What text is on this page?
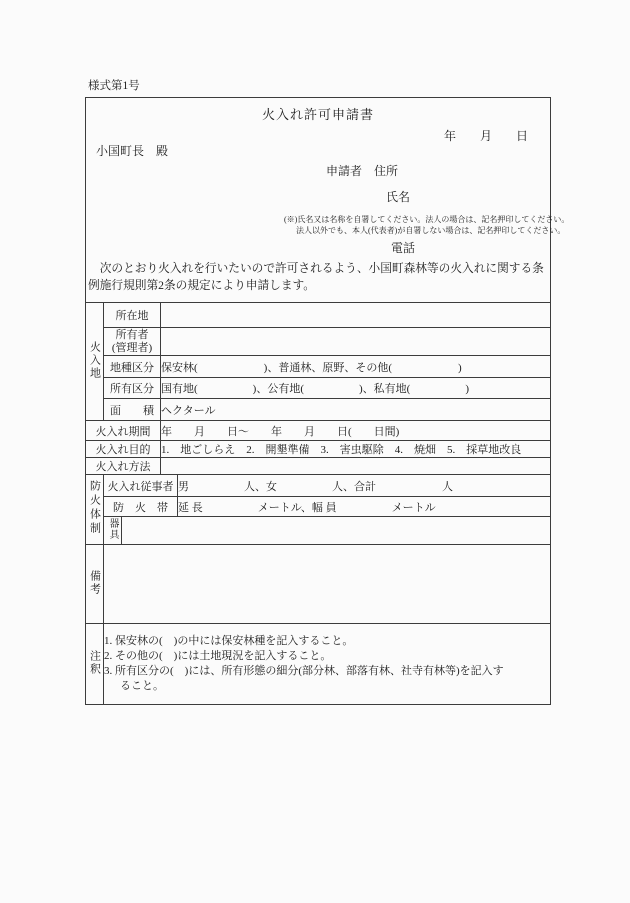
様式第1号
火入れ許可申請書
年　　月　　日
小国町長　殿
申請者　住所
氏名
(※)氏名又は名称を自署してください。法人の場合は、記名押印してください。
法人以外でも、本人(代表者)が自署しない場合は、記名押印してください。
電話
次のとおり火入れを行いたいので許可されるよう、小国町森林等の火入れに関する条例施行規則第2条の規定により申請します。
火入地	所在地			

	所有者
(管理者)			

	地種区分		保安林(　　　　　　)、普通林、原野、その他(　　　　　　)	
	所有区分		国有地(　　　　　)、公有地(　　　　　)、私有地(　　　　　)	
	面　　積		ヘクタール	
火入れ期間			年　　月　　日～　　年　　月　　日(　　日間)	
火入れ目的			1.　地ごしらえ　2.　開墾準備　3.　害虫駆除　4.　焼畑　5.　採草地改良	
火入れ方法				
防火体制	火入れ従事者			男　　　　　人、女　　　　　人、合計　　　　　　人
	防　火　帯			延 長　　　　　メートル、幅 員　　　　　メートル
	器具			
備考				
注釈	1. 保安林の(　)の中には保安林種を記入すること。
2. その他の(　)には土地現況を記入すること。
3. 所有区分の(　)には、所有形態の細分(部分林、部落有林、社寺有林等)を記入す
ること。			
